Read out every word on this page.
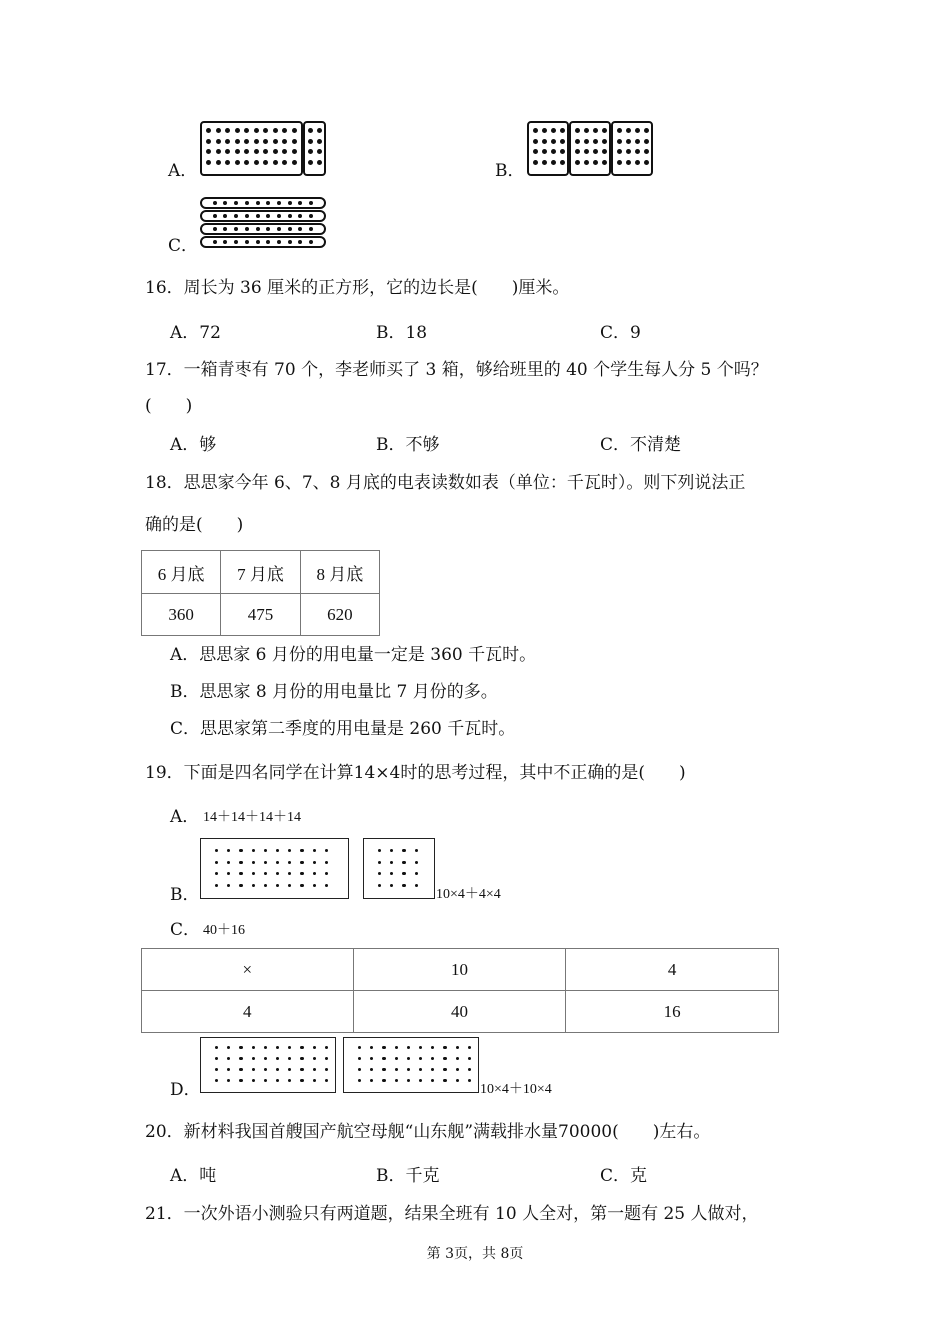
A．	B．
C．
16．周长为 36 厘米的正方形，它的边长是(　　)厘米。
A．72	B．18	C．9
17．一箱青枣有 70 个，李老师买了 3 箱，够给班里的 40 个学生每人分 5 个吗？
(　　)
A．够	B．不够	C．不清楚
18．思思家今年 6、7、8 月底的电表读数如表（单位：千瓦时）。则下列说法正
确的是(　　)
6 月底	7 月底	8 月底
360	475	620
A．思思家 6 月份的用电量一定是 360 千瓦时。
B．思思家 8 月份的用电量比 7 月份的多。
C．思思家第二季度的用电量是 260 千瓦时。
19．下面是四名同学在计算14×4时的思考过程，其中不正确的是(　　)
A． 14＋14＋14＋14
B．	10×4＋4×4
C． 40＋16
×	10	4
4	40	16
D．	10×4＋10×4
20．新材料我国首艘国产航空母舰“山东舰”满载排水量70000(　　)左右。
A．吨	B．千克	C．克
21．一次外语小测验只有两道题，结果全班有 10 人全对，第一题有 25 人做对，
第 3页，共 8页
